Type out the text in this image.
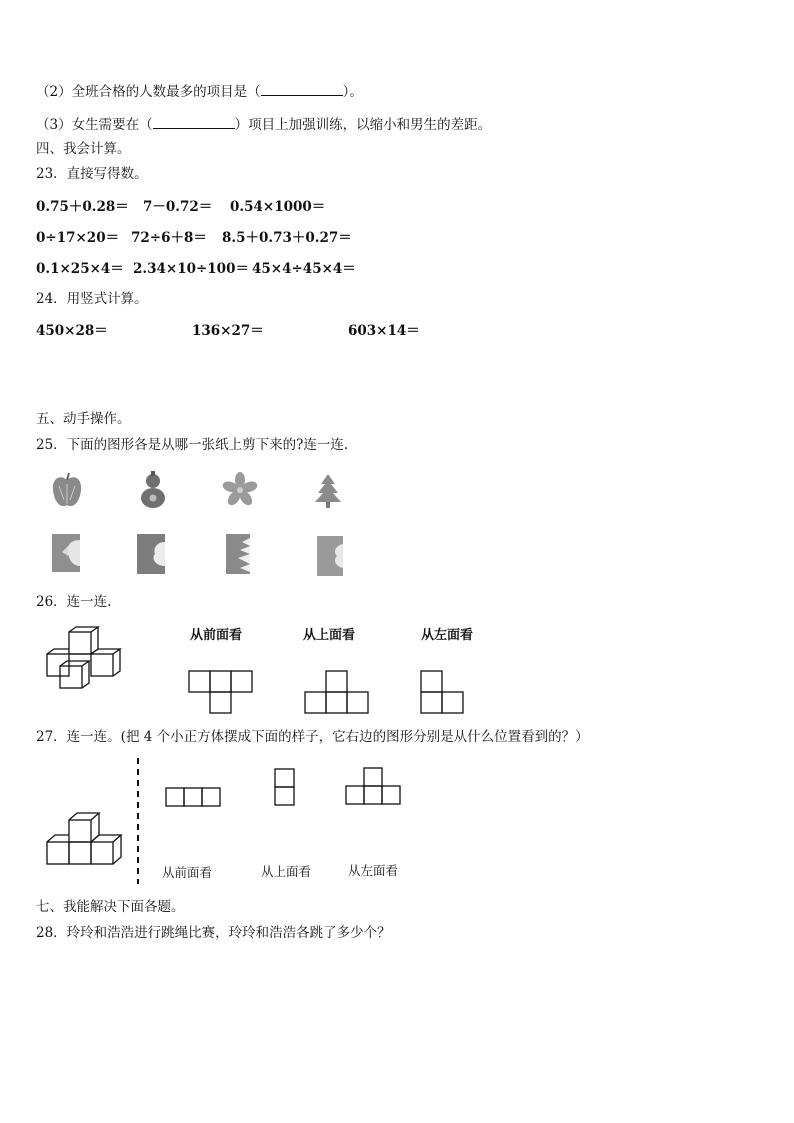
（2）全班合格的人数最多的项目是（	）。
（3）女生需要在（	）项目上加强训练，以缩小和男生的差距。
四、我会计算。
23．直接写得数。
0.75＋0.28＝ 7－0.72＝ 0.54×1000＝
0÷17×20＝ 72÷6＋8＝ 8.5＋0.73＋0.27＝
0.1×25×4＝ 2.34×10÷100＝ 45×4÷45×4＝
24．用竖式计算。
450×28＝	136×27＝	603×14＝
五、动手操作。
25．下面的图形各是从哪一张纸上剪下来的?连一连.
26．连一连.
从前面看	从上面看	从左面看
27．连一连。(把 4 个小正方体摆成下面的样子，它右边的图形分别是从什么位置看到的？）
从前面看	从上面看	从左面看
七、我能解决下面各题。
28．玲玲和浩浩进行跳绳比赛，玲玲和浩浩各跳了多少个？
